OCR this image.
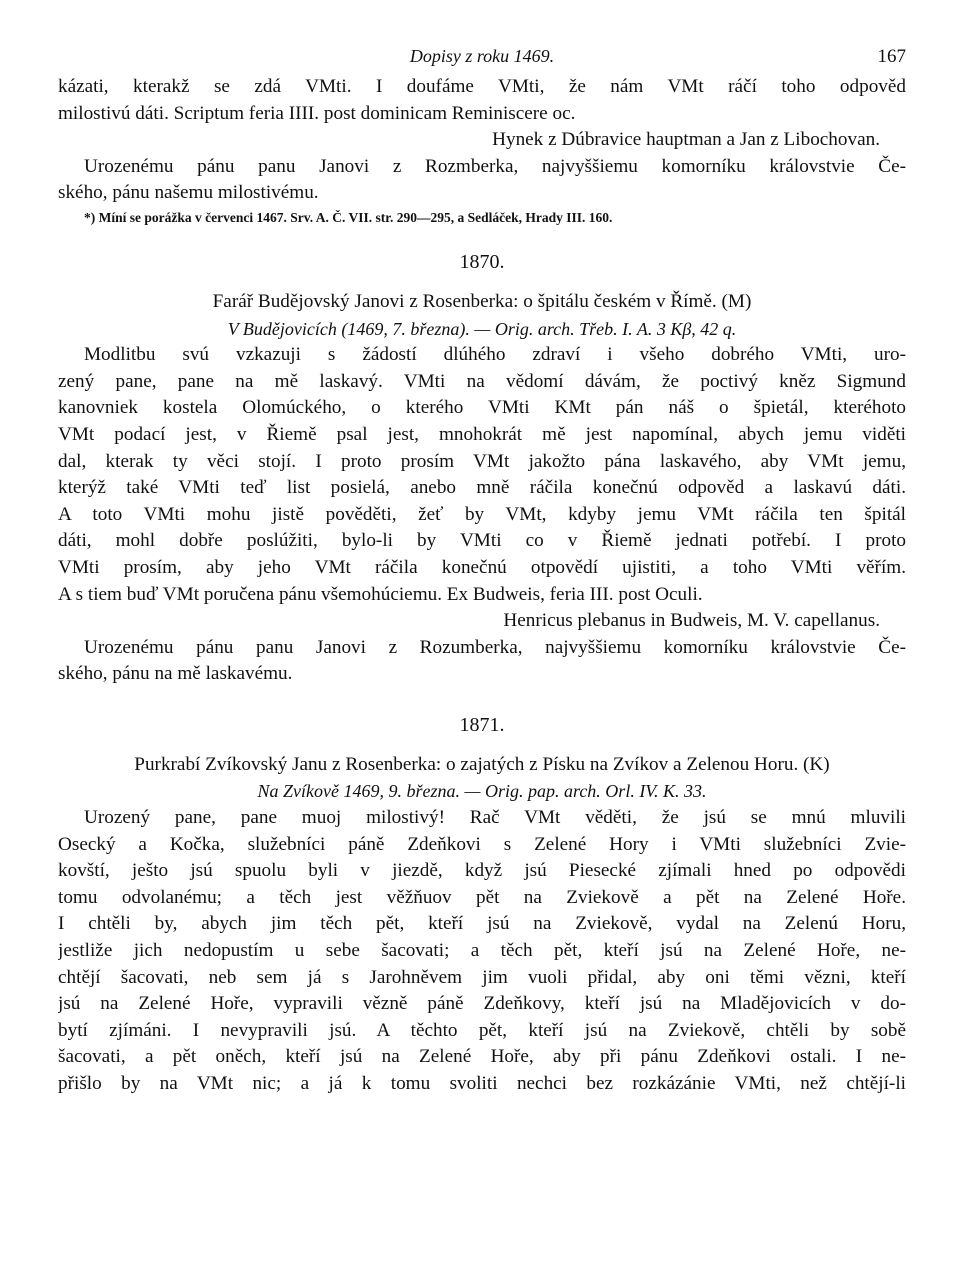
Dopisy z roku 1469.	167
kázati, kterakž se zdá VMti. I doufáme VMti, že nám VMt ráčí toho odpověd
milostivú dáti. Scriptum feria IIII. post dominicam Reminiscere oc.
Hynek z Dúbravice hauptman a Jan z Libochovan.
Urozenému pánu panu Janovi z Rozmberka, najvyššiemu komorníku královstvie Če-
ského, pánu našemu milostivému.
*) Míní se porážka v červenci 1467. Srv. A. Č. VII. str. 290—295, a Sedláček, Hrady III. 160.
1870.
Farář Budějovský Janovi z Rosenberka: o špitálu českém v Římě. (M)
V Budějovicích (1469, 7. března). — Orig. arch. Třeb. I. A. 3 Kβ, 42 q.
Modlitbu svú vzkazuji s žádostí dlúhého zdraví i všeho dobrého VMti, uro-
zený pane, pane na mě laskavý. VMti na vědomí dávám, že poctivý kněz Sigmund
kanovniek kostela Olomúckého, o kterého VMti KMt pán náš o špietál, kteréhoto
VMt podací jest, v Řiemě psal jest, mnohokrát mě jest napomínal, abych jemu viděti
dal, kterak ty věci stojí. I proto prosím VMt jakožto pána laskavého, aby VMt jemu,
kterýž také VMti teď list posielá, anebo mně ráčila konečnú odpověd a laskavú dáti.
A toto VMti mohu jistě pověděti, žeť by VMt, kdyby jemu VMt ráčila ten špitál
dáti, mohl dobře poslúžiti, bylo-li by VMti co v Řiemě jednati potřebí. I proto
VMti prosím, aby jeho VMt ráčila konečnú otpovědí ujistiti, a toho VMti věřím.
A s tiem buď VMt poručena pánu všemohúciemu. Ex Budweis, feria III. post Oculi.
Henricus plebanus in Budweis, M. V. capellanus.
Urozenému pánu panu Janovi z Rozumberka, najvyššiemu komorníku královstvie Če-
ského, pánu na mě laskavému.
1871.
Purkrabí Zvíkovský Janu z Rosenberka: o zajatých z Písku na Zvíkov a Zelenou Horu. (K)
Na Zvíkově 1469, 9. března. — Orig. pap. arch. Orl. IV. K. 33.
Urozený pane, pane muoj milostivý! Rač VMt věděti, že jsú se mnú mluvili
Osecký a Kočka, služebníci páně Zdeňkovi s Zelené Hory i VMti služebníci Zvie-
kovští, ješto jsú spuolu byli v jiezdě, když jsú Piesecké zjímali hned po odpovědi
tomu odvolanému; a těch jest věžňuov pět na Zviekově a pět na Zelené Hoře.
I chtěli by, abych jim těch pět, kteří jsú na Zviekově, vydal na Zelenú Horu,
jestliže jich nedopustím u sebe šacovati; a těch pět, kteří jsú na Zelené Hoře, ne-
chtějí šacovati, neb sem já s Jarohněvem jim vuoli přidal, aby oni těmi vězni, kteří
jsú na Zelené Hoře, vypravili vězně páně Zdeňkovy, kteří jsú na Mladějovicích v do-
bytí zjímáni. I nevypravili jsú. A těchto pět, kteří jsú na Zviekově, chtěli by sobě
šacovati, a pět oněch, kteří jsú na Zelené Hoře, aby při pánu Zdeňkovi ostali. I ne-
přišlo by na VMt nic; a já k tomu svoliti nechci bez rozkázánie VMti, než chtějí-li
